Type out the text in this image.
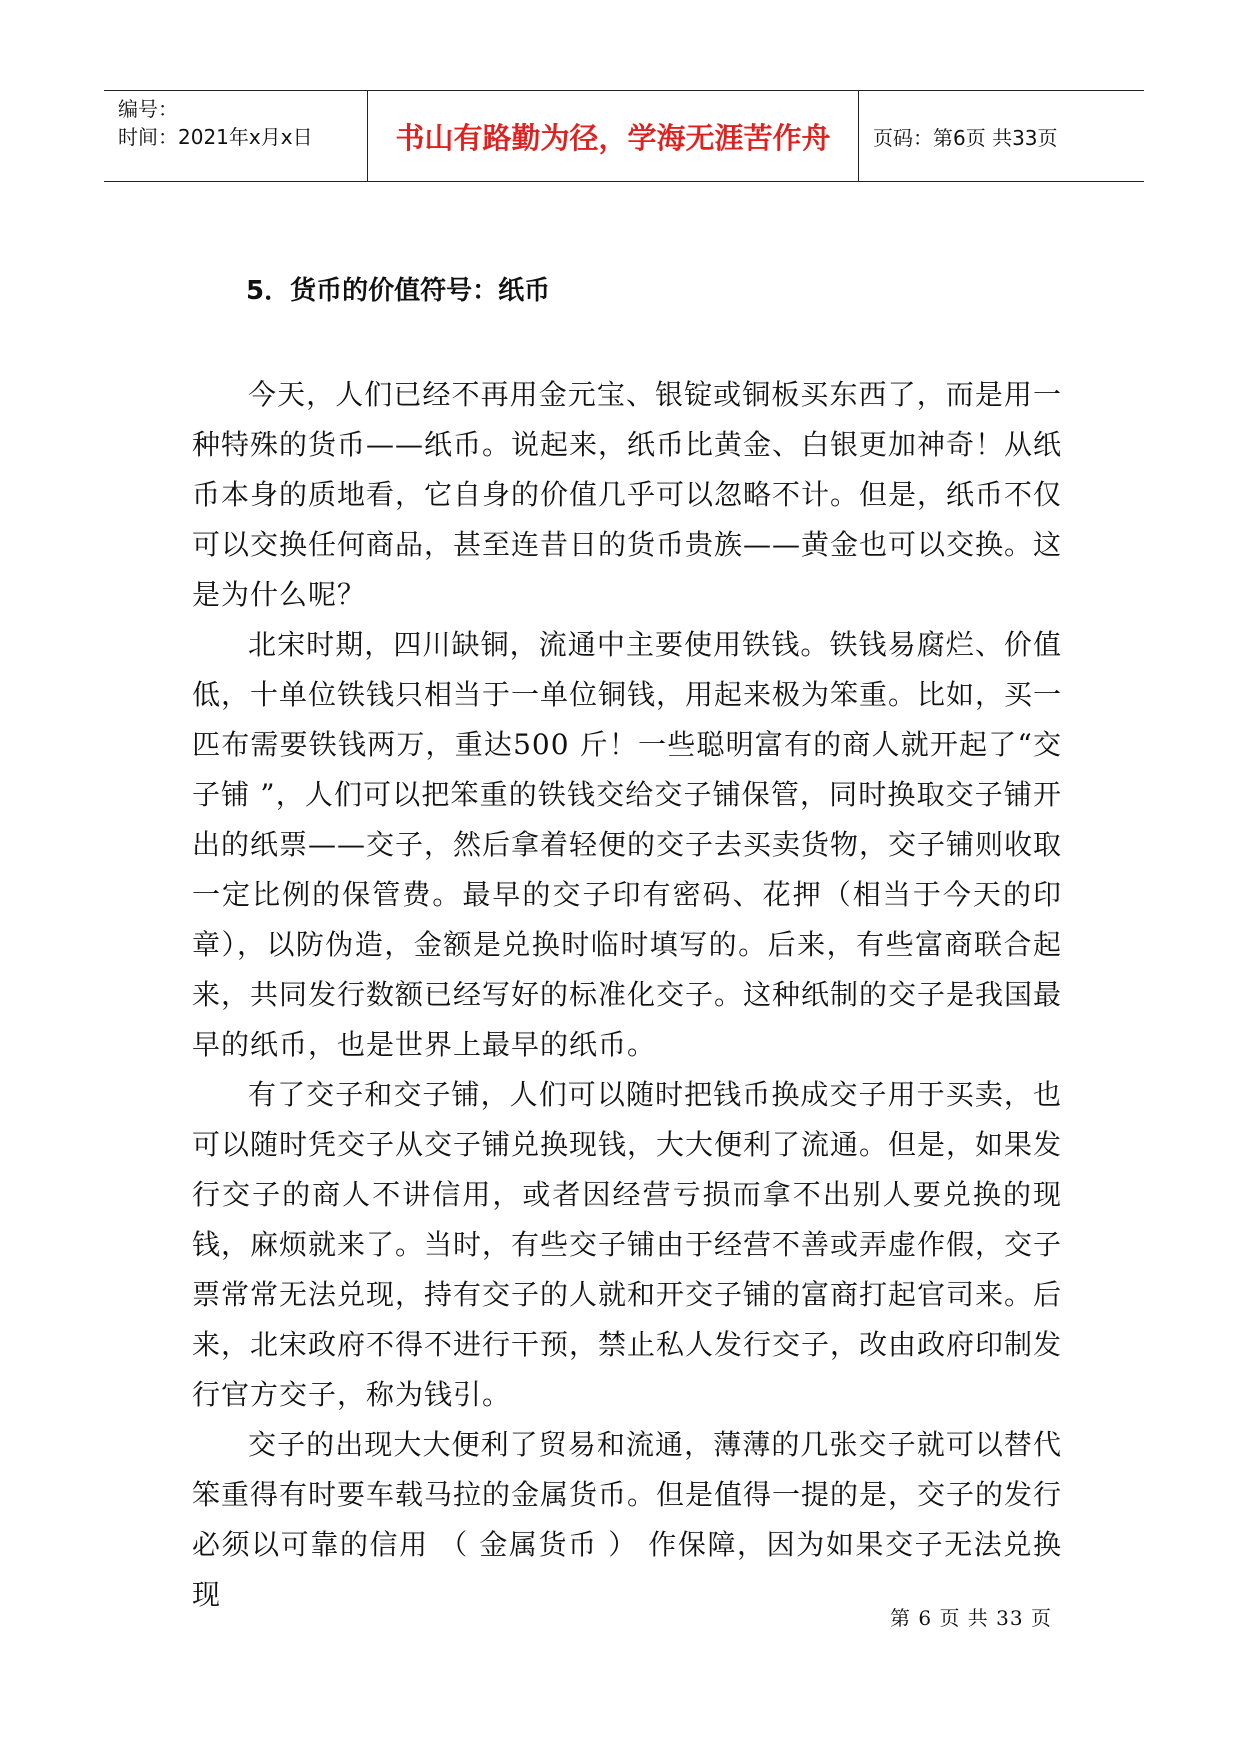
编号：
时间：2021年x月x日	书山有路勤为径，学海无涯苦作舟	页码：第6页 共33页
5．货币的价值符号：纸币

今天，人们已经不再用金元宝、银锭或铜板买东西了，而是用一种特殊的货币——纸币。说起来，纸币比黄金、白银更加神奇！从纸币本身的质地看，它自身的价值几乎可以忽略不计。但是，纸币不仅可以交换任何商品，甚至连昔日的货币贵族——黄金也可以交换。这是为什么呢？

北宋时期，四川缺铜，流通中主要使用铁钱。铁钱易腐烂、价值低，十单位铁钱只相当于一单位铜钱，用起来极为笨重。比如，买一匹布需要铁钱两万，重达500 斤！一些聪明富有的商人就开起了“交子铺 ”，人们可以把笨重的铁钱交给交子铺保管，同时换取交子铺开出的纸票——交子，然后拿着轻便的交子去买卖货物，交子铺则收取一定比例的保管费。最早的交子印有密码、花押（相当于今天的印章），以防伪造，金额是兑换时临时填写的。后来，有些富商联合起来，共同发行数额已经写好的标准化交子。这种纸制的交子是我国最早的纸币，也是世界上最早的纸币。

有了交子和交子铺，人们可以随时把钱币换成交子用于买卖，也可以随时凭交子从交子铺兑换现钱，大大便利了流通。但是，如果发行交子的商人不讲信用，或者因经营亏损而拿不出别人要兑换的现钱，麻烦就来了。当时，有些交子铺由于经营不善或弄虚作假，交子票常常无法兑现，持有交子的人就和开交子铺的富商打起官司来。后来，北宋政府不得不进行干预，禁止私人发行交子，改由政府印制发行官方交子，称为钱引。

交子的出现大大便利了贸易和流通，薄薄的几张交子就可以替代笨重得有时要车载马拉的金属货币。但是值得一提的是，交子的发行必须以可靠的信用 （ 金属货币 ） 作保障，因为如果交子无法兑换现

第 6 页 共 33 页
